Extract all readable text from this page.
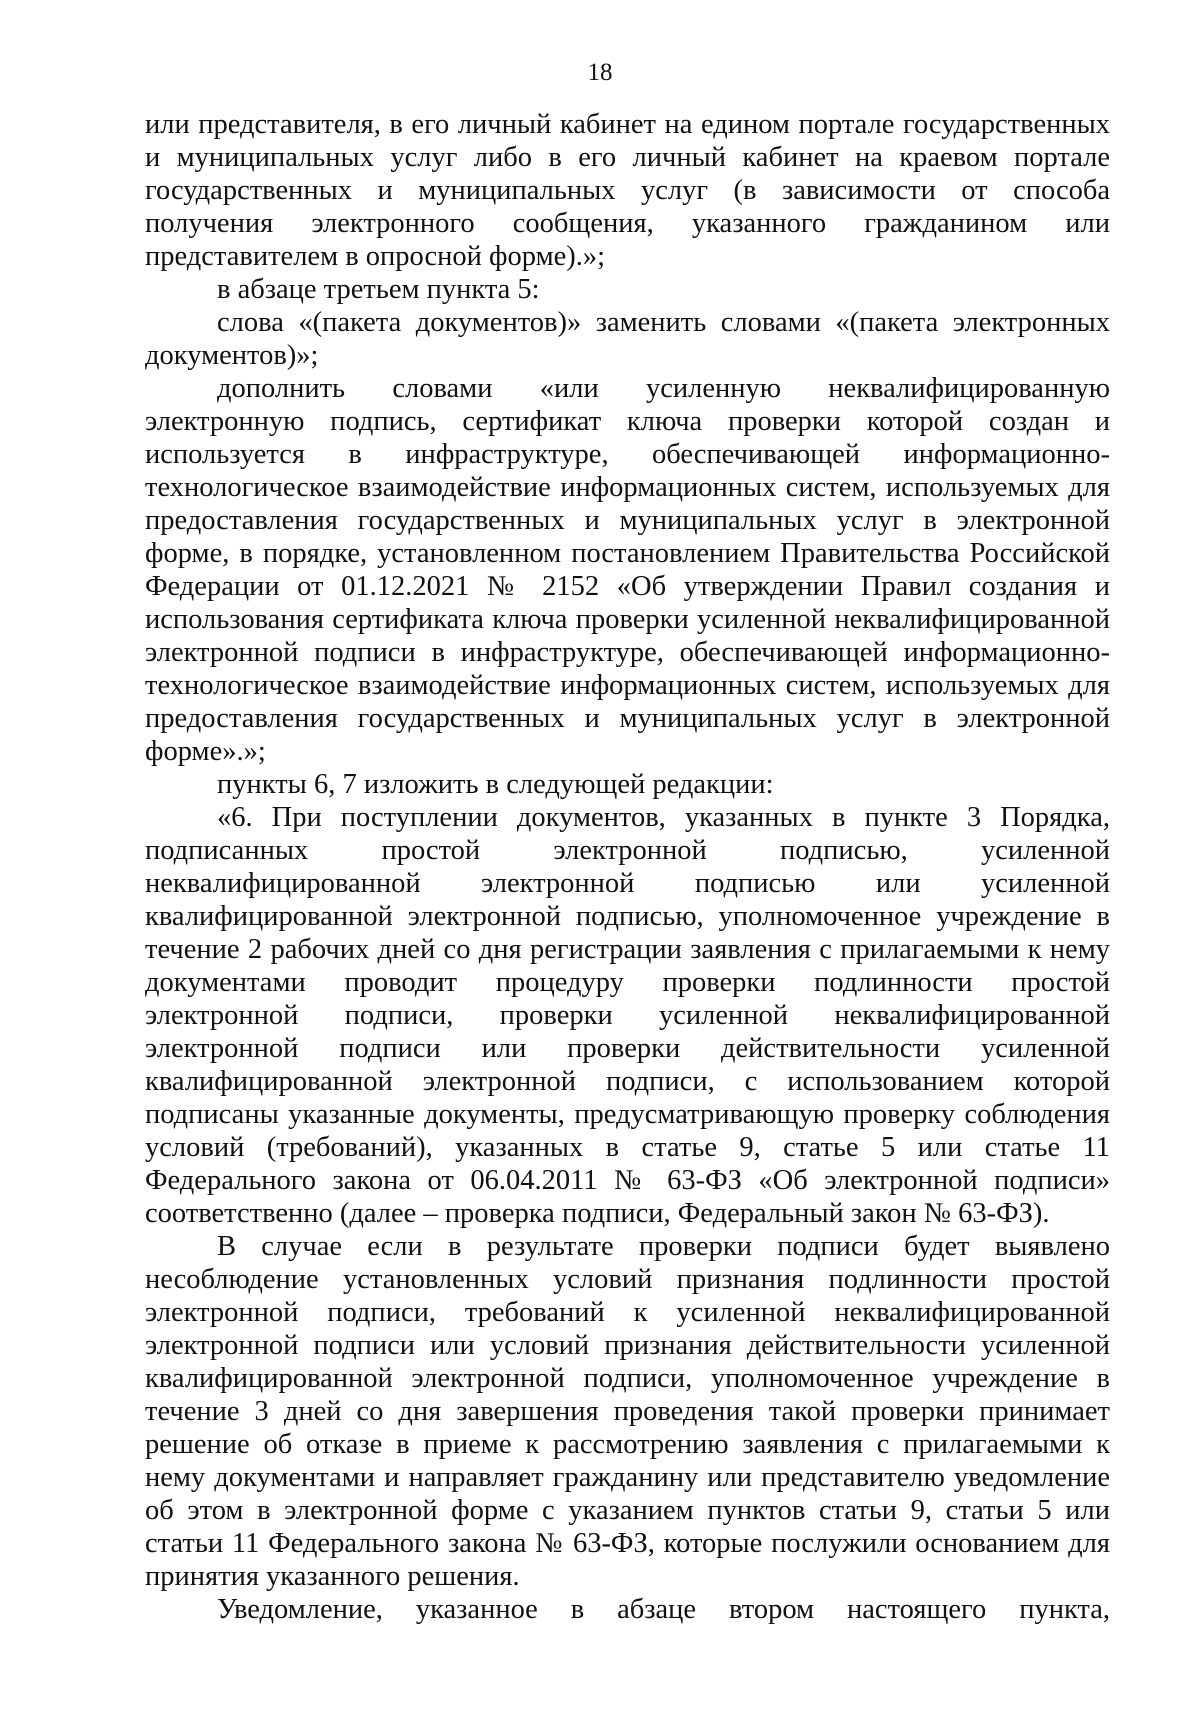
18

или представителя, в его личный кабинет на едином портале государственных и муниципальных услуг либо в его личный кабинет на краевом портале государственных и муниципальных услуг (в зависимости от способа получения электронного сообщения, указанного гражданином или представителем в опросной форме).»;

в абзаце третьем пункта 5:

слова «(пакета документов)» заменить словами «(пакета электронных документов)»;

дополнить словами «или усиленную неквалифицированную электронную подпись, сертификат ключа проверки которой создан и используется в инфраструктуре, обеспечивающей информационно-технологическое взаимодействие информационных систем, используемых для предоставления государственных и муниципальных услуг в электронной форме, в порядке, установленном постановлением Правительства Российской Федерации от 01.12.2021 № 2152 «Об утверждении Правил создания и использования сертификата ключа проверки усиленной неквалифицированной электронной подписи в инфраструктуре, обеспечивающей информационно-технологическое взаимодействие информационных систем, используемых для предоставления государственных и муниципальных услуг в электронной форме».»;

пункты 6, 7 изложить в следующей редакции:

«6. При поступлении документов, указанных в пункте 3 Порядка, подписанных простой электронной подписью, усиленной неквалифицированной электронной подписью или усиленной квалифицированной электронной подписью, уполномоченное учреждение в течение 2 рабочих дней со дня регистрации заявления с прилагаемыми к нему документами проводит процедуру проверки подлинности простой электронной подписи, проверки усиленной неквалифицированной электронной подписи или проверки действительности усиленной квалифицированной электронной подписи, с использованием которой подписаны указанные документы, предусматривающую проверку соблюдения условий (требований), указанных в статье 9, статье 5 или статье 11 Федерального закона от 06.04.2011 № 63-ФЗ «Об электронной подписи» соответственно (далее – проверка подписи, Федеральный закон № 63-ФЗ).

В случае если в результате проверки подписи будет выявлено несоблюдение установленных условий признания подлинности простой электронной подписи, требований к усиленной неквалифицированной электронной подписи или условий признания действительности усиленной квалифицированной электронной подписи, уполномоченное учреждение в течение 3 дней со дня завершения проведения такой проверки принимает решение об отказе в приеме к рассмотрению заявления с прилагаемыми к нему документами и направляет гражданину или представителю уведомление об этом в электронной форме с указанием пунктов статьи 9, статьи 5 или статьи 11 Федерального закона № 63-ФЗ, которые послужили основанием для принятия указанного решения.

Уведомление, указанное в абзаце втором настоящего пункта,
